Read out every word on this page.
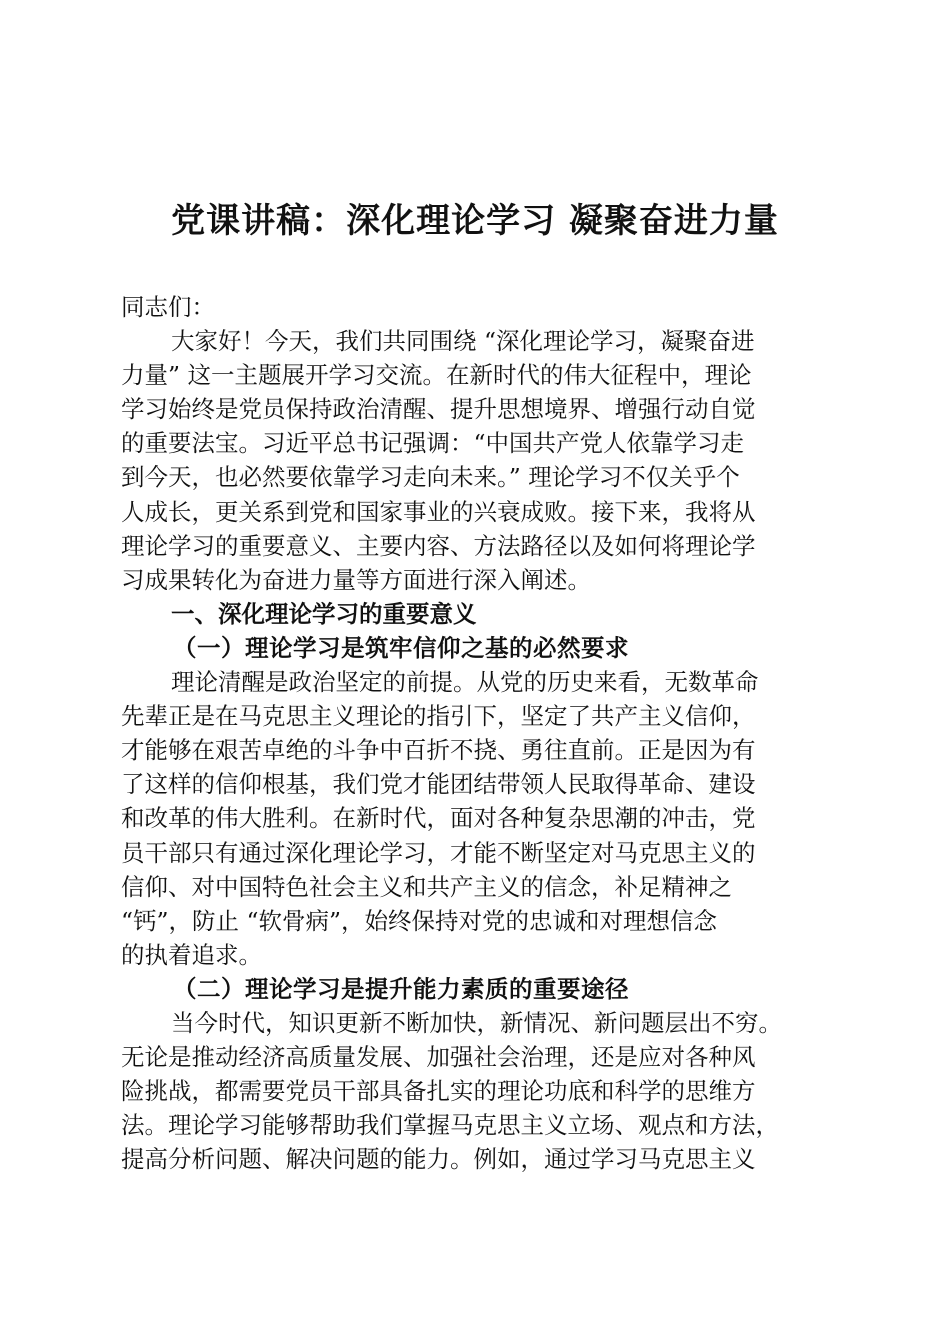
党课讲稿：深化理论学习 凝聚奋进力量
同志们：
大家好！今天，我们共同围绕 “深化理论学习，凝聚奋进
力量” 这一主题展开学习交流。在新时代的伟大征程中，理论
学习始终是党员保持政治清醒、提升思想境界、增强行动自觉
的重要法宝。习近平总书记强调：“中国共产党人依靠学习走
到今天，也必然要依靠学习走向未来。” 理论学习不仅关乎个
人成长，更关系到党和国家事业的兴衰成败。接下来，我将从
理论学习的重要意义、主要内容、方法路径以及如何将理论学
习成果转化为奋进力量等方面进行深入阐述。
一、深化理论学习的重要意义
（一）理论学习是筑牢信仰之基的必然要求
理论清醒是政治坚定的前提。从党的历史来看，无数革命
先辈正是在马克思主义理论的指引下，坚定了共产主义信仰，
才能够在艰苦卓绝的斗争中百折不挠、勇往直前。正是因为有
了这样的信仰根基，我们党才能团结带领人民取得革命、建设
和改革的伟大胜利。在新时代，面对各种复杂思潮的冲击，党
员干部只有通过深化理论学习，才能不断坚定对马克思主义的
信仰、对中国特色社会主义和共产主义的信念，补足精神之
“钙”，防止 “软骨病”，始终保持对党的忠诚和对理想信念
的执着追求。
（二）理论学习是提升能力素质的重要途径
当今时代，知识更新不断加快，新情况、新问题层出不穷。
无论是推动经济高质量发展、加强社会治理，还是应对各种风
险挑战，都需要党员干部具备扎实的理论功底和科学的思维方
法。理论学习能够帮助我们掌握马克思主义立场、观点和方法，
提高分析问题、解决问题的能力。例如，通过学习马克思主义
